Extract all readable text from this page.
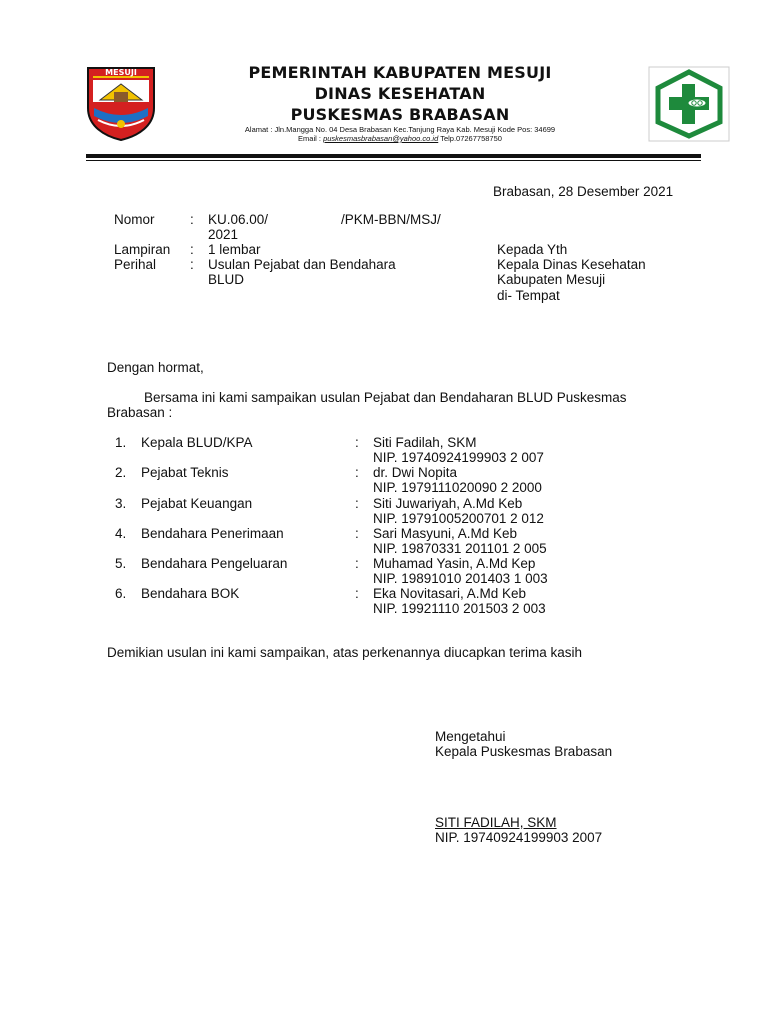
MESUJI	PEMERINTAH KABUPATEN MESUJI
DINAS KESEHATAN
PUSKESMAS BRABASAN
Alamat : Jln.Mangga No. 04 Desa Brabasan Kec.Tanjung Raya Kab. Mesuji Kode Pos: 34699
Email : puskesmasbrabasan@yahoo.co.id Telp.07267758750
Brabasan, 28 Desember 2021
Nomor	: KU.06.00/	/PKM-BBN/MSJ/
2021
Lampiran : 1 lembar
Perihal	: Usulan Pejabat dan Bendahara
BLUD
Kepada Yth
Kepala Dinas Kesehatan
Kabupaten Mesuji
di- Tempat
Dengan hormat,
Bersama ini kami sampaikan usulan Pejabat dan Bendaharan BLUD Puskesmas
Brabasan :
1. Kepala BLUD/KPA	: Siti Fadilah, SKM
NIP. 19740924199903 2 007
2. Pejabat Teknis	: dr. Dwi Nopita
NIP. 1979111020090 2 2000
3. Pejabat Keuangan	: Siti Juwariyah, A.Md Keb
NIP. 19791005200701 2 012
4. Bendahara Penerimaan	: Sari Masyuni, A.Md Keb
NIP. 19870331 201101 2 005
5. Bendahara Pengeluaran	: Muhamad Yasin, A.Md Kep
NIP. 19891010 201403 1 003
6. Bendahara BOK	: Eka Novitasari, A.Md Keb
NIP. 19921110 201503 2 003
Demikian usulan ini kami sampaikan, atas perkenannya diucapkan terima kasih
Mengetahui
Kepala Puskesmas Brabasan
SITI FADILAH, SKM
NIP. 19740924199903 2007
